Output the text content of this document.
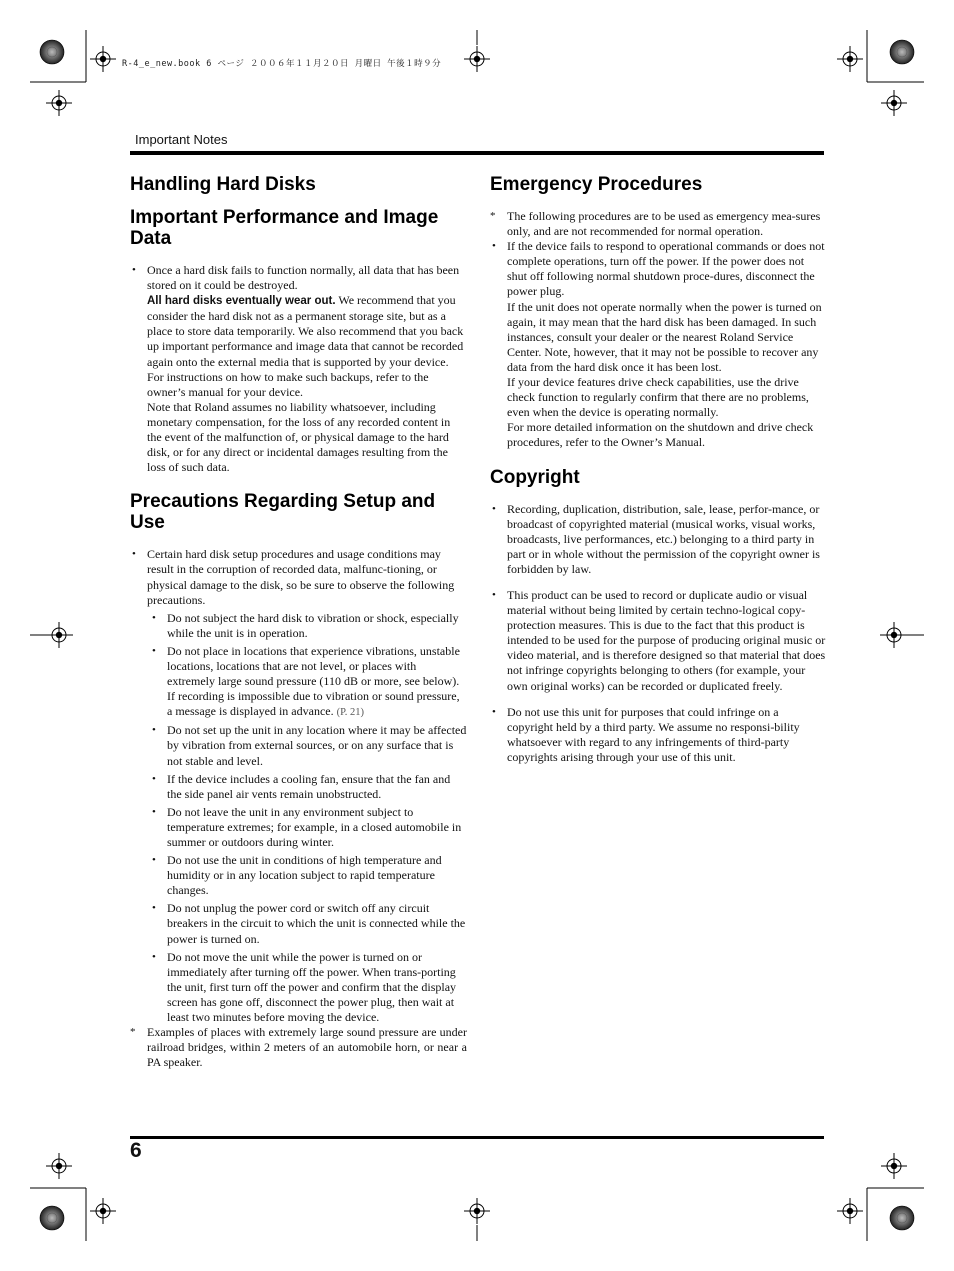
R-4_e_new.book 6 ページ ２００６年１１月２０日 月曜日 午後１時９分
Important Notes
Handling Hard Disks
Important Performance and Image Data

• Once a hard disk fails to function normally, all data that has been stored on it could be destroyed.

All hard disks eventually wear out. We recommend that you consider the hard disk not as a permanent storage site, but as a place to store data temporarily. We also recommend that you back up important performance and image data that cannot be recorded again onto the external media that is supported by your device. For instructions on how to make such backups, refer to the owner’s manual for your device.

Note that Roland assumes no liability whatsoever, including monetary compensation, for the loss of any recorded content in the event of the malfunction of, or physical damage to the hard disk, or for any direct or incidental damages resulting from the loss of such data.

Precautions Regarding Setup and Use

• Certain hard disk setup procedures and usage conditions may result in the corruption of recorded data, malfunc-tioning, or physical damage to the disk, so be sure to observe the following precautions.

• Do not subject the hard disk to vibration or shock, especially while the unit is in operation.
• Do not place in locations that experience vibrations, unstable locations, locations that are not level, or places with extremely large sound pressure (110 dB or more, see below).
If recording is impossible due to vibration or sound pressure, a message is displayed in advance. (P. 21)
• Do not set up the unit in any location where it may be affected by vibration from external sources, or on any surface that is not stable and level.
• If the device includes a cooling fan, ensure that the fan and the side panel air vents remain unobstructed.
• Do not leave the unit in any environment subject to temperature extremes; for example, in a closed automobile in summer or outdoors during winter.
• Do not use the unit in conditions of high temperature and humidity or in any location subject to rapid temperature changes.
• Do not unplug the power cord or switch off any circuit breakers in the circuit to which the unit is connected while the power is turned on.
• Do not move the unit while the power is turned on or immediately after turning off the power. When trans-porting the unit, first turn off the power and confirm that the display screen has gone off, disconnect the power plug, then wait at least two minutes before moving the device.
* Examples of places with extremely large sound pressure are under railroad bridges, within 2 meters of an automobile horn, or near a PA speaker.
Emergency Procedures
* The following procedures are to be used as emergency mea-sures only, and are not recommended for normal operation.

• If the device fails to respond to operational commands or does not complete operations, turn off the power. If the power does not shut off following normal shutdown proce-dures, disconnect the power plug.

If the unit does not operate normally when the power is turned on again, it may mean that the hard disk has been damaged. In such instances, consult your dealer or the nearest Roland Service Center. Note, however, that it may not be possible to recover any data from the hard disk once it has been lost.

If your device features drive check capabilities, use the drive check function to regularly confirm that there are no problems, even when the device is operating normally.

For more detailed information on the shutdown and drive check procedures, refer to the Owner’s Manual.

Copyright
• Recording, duplication, distribution, sale, lease, perfor-mance, or broadcast of copyrighted material (musical works, visual works, broadcasts, live performances, etc.) belonging to a third party in part or in whole without the permission of the copyright owner is forbidden by law.
• This product can be used to record or duplicate audio or visual material without being limited by certain techno-logical copy-protection measures. This is due to the fact that this product is intended to be used for the purpose of producing original music or video material, and is therefore designed so that material that does not infringe copyrights belonging to others (for example, your own original works) can be recorded or duplicated freely.
• Do not use this unit for purposes that could infringe on a copyright held by a third party. We assume no responsi-bility whatsoever with regard to any infringements of third-party copyrights arising through your use of this unit.
6
